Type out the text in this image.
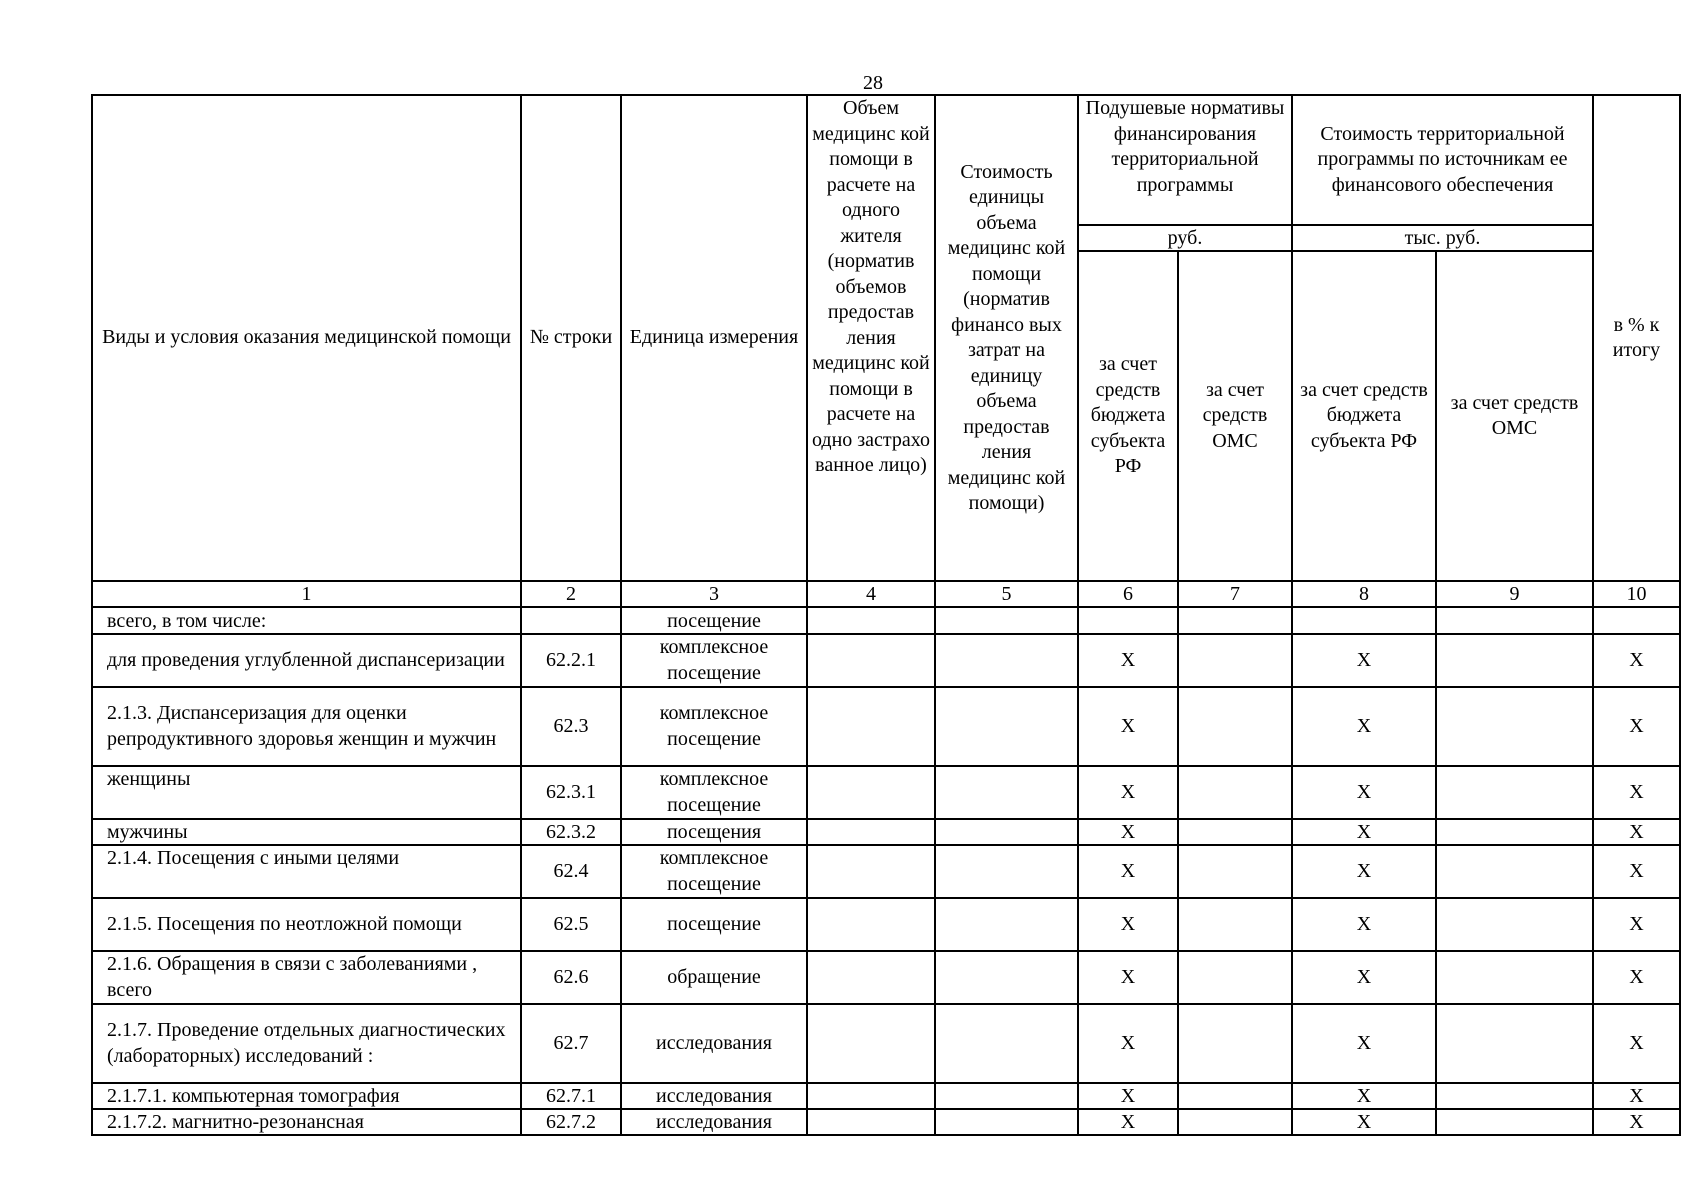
28
Виды и условия оказания медицинской помощи	№ строки	Единица измерения	Объем медицинс кой помощи в расчете на одного жителя (норматив объемов предостав ления медицинс кой помощи в расчете на одно застрахо ванное лицо)	Стоимость единицы объема медицинс кой помощи (норматив финансо вых затрат на единицу объема предостав ления медицинс кой помощи)	Подушевые нормативы финансирования территориальной программы		Стоимость территориальной программы по источникам ее финансового обеспечения		в % к итогу
					руб.		тыс. руб.		
					за счет средств бюджета субъекта РФ	за счет средств ОМС	за счет средств бюджета субъекта РФ	за счет средств ОМС	

1	2	3	4	5	6	7	8	9	10
всего, в том числе:		посещение							
для проведения углубленной диспансеризации	62.2.1	комплексное посещение			X		X		X
2.1.3. Диспансеризация для оценки репродуктивного здоровья женщин и мужчин	62.3	комплексное посещение			X		X		X
женщины	62.3.1	комплексное посещение			X		X		X
мужчины	62.3.2	посещения			X		X		X
2.1.4. Посещения с иными целями	62.4	комплексное посещение			X		X		X
2.1.5. Посещения по неотложной помощи	62.5	посещение			X		X		X
2.1.6. Обращения в связи с заболеваниями , всего	62.6	обращение			X		X		X
2.1.7. Проведение отдельных диагностических (лабораторных) исследований :	62.7	исследования			X		X		X
2.1.7.1. компьютерная томография	62.7.1	исследования			X		X		X
2.1.7.2. магнитно-резонансная	62.7.2	исследования			X		X		X
